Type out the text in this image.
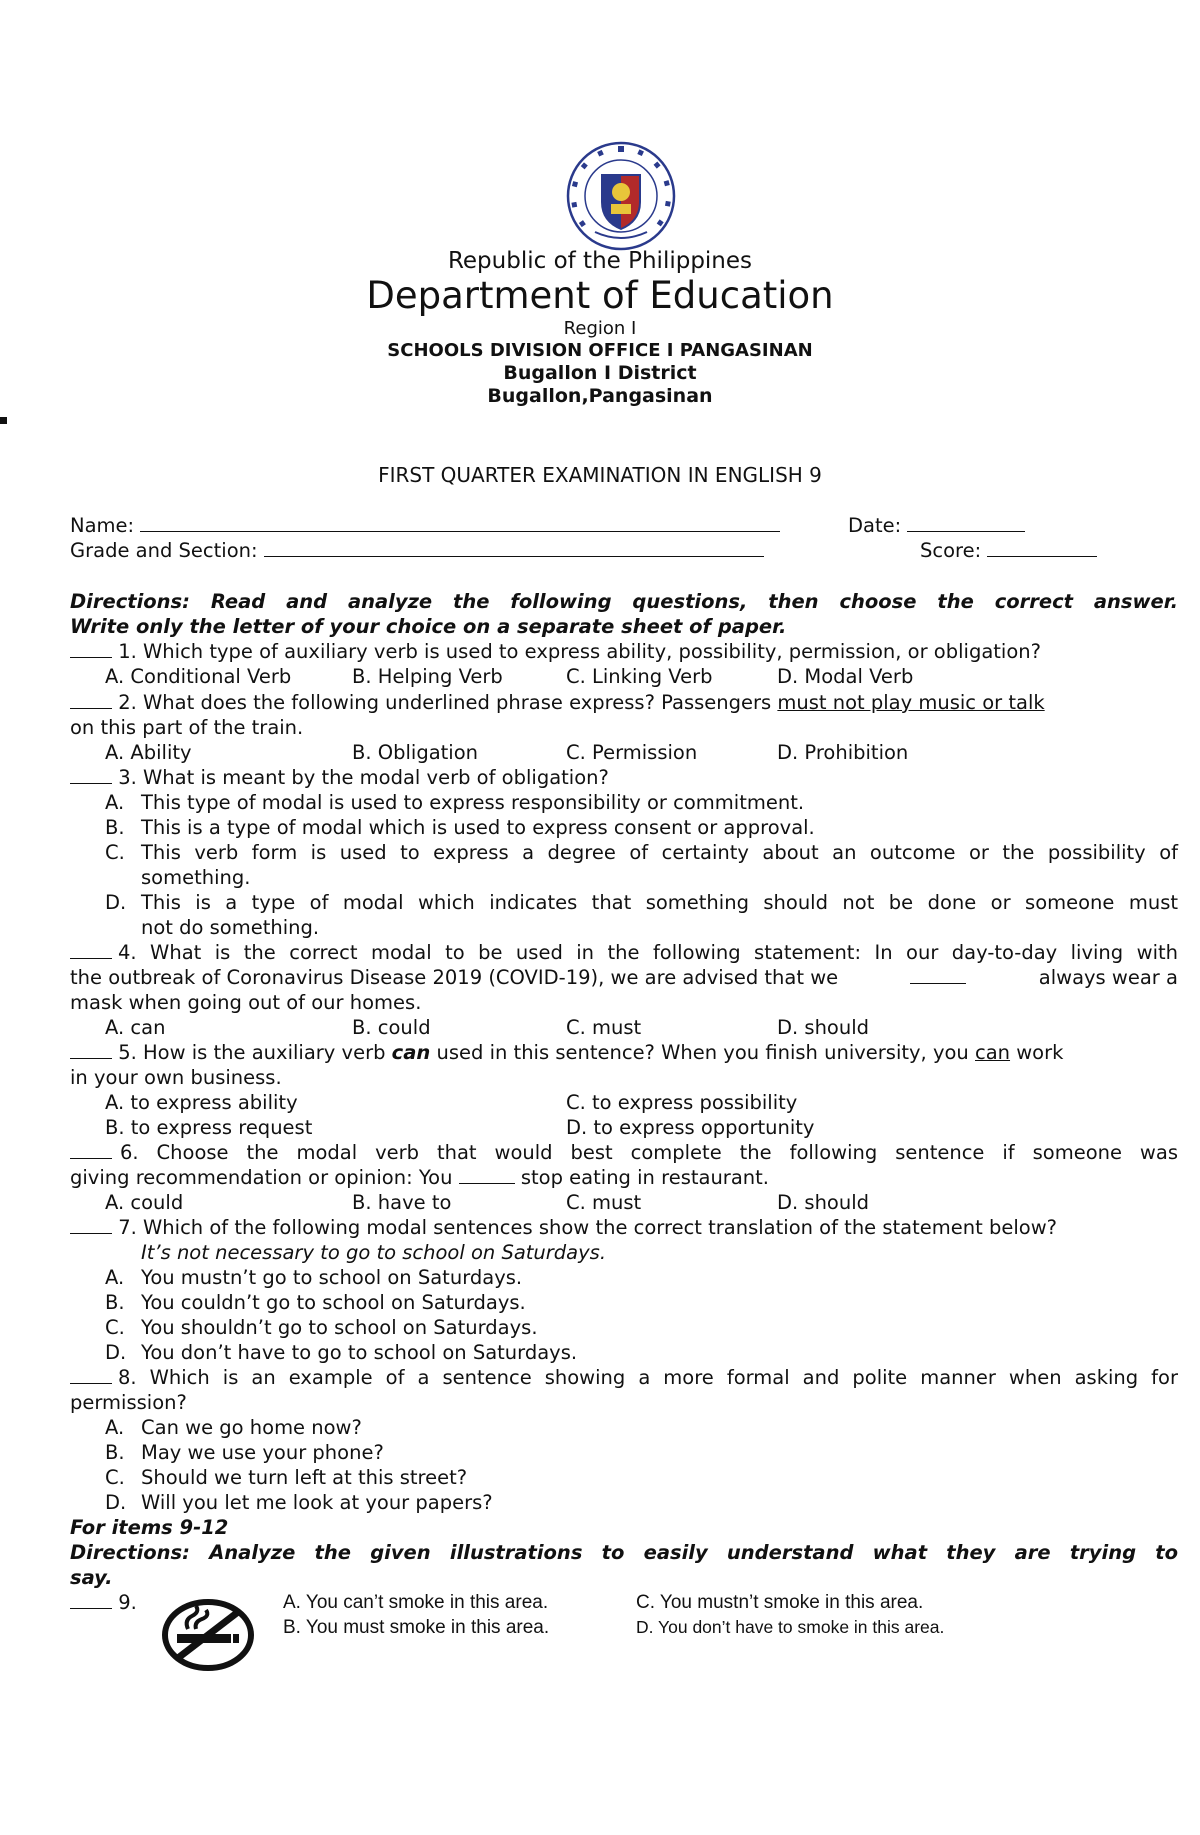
Republic of the Philippines
Department of Education
Region I
SCHOOLS DIVISION OFFICE I PANGASINAN
Bugallon I District
Bugallon,Pangasinan
FIRST QUARTER EXAMINATION IN ENGLISH 9
Name:	Date:
Grade and Section:	Score:
Directions: Read and analyze the following questions, then choose the correct answer.
Write only the letter of your choice on a separate sheet of paper.
1. Which type of auxiliary verb is used to express ability, possibility, permission, or obligation?
A. Conditional Verb	B. Helping Verb	C. Linking Verb	D. Modal Verb
2. What does the following underlined phrase express? Passengers must not play music or talk
on this part of the train.
A. Ability	B. Obligation	C. Permission	D. Prohibition
3. What is meant by the modal verb of obligation?
A. This type of modal is used to express responsibility or commitment.
B. This is a type of modal which is used to express consent or approval.
C. This verb form is used to express a degree of certainty about an outcome or the possibility of
something.
D. This is a type of modal which indicates that something should not be done or someone must
not do something.
4. What is the correct modal to be used in the following statement: In our day-to-day living with
the outbreak of Coronavirus Disease 2019 (COVID-19), we are advised that we	always wear a
mask when going out of our homes.
A. can	B. could	C. must	D. should
5. How is the auxiliary verb can used in this sentence? When you finish university, you can work
in your own business.
A. to express ability	C. to express possibility
B. to express request	D. to express opportunity
6. Choose the modal verb that would best complete the following sentence if someone was
giving recommendation or opinion: You	stop eating in restaurant.
A. could	B. have to	C. must	D. should
7. Which of the following modal sentences show the correct translation of the statement below?
It’s not necessary to go to school on Saturdays.
A. You mustn’t go to school on Saturdays.
B. You couldn’t go to school on Saturdays.
C. You shouldn’t go to school on Saturdays.
D. You don’t have to go to school on Saturdays.
8. Which is an example of a sentence showing a more formal and polite manner when asking for
permission?
A. Can we go home now?
B. May we use your phone?
C. Should we turn left at this street?
D. Will you let me look at your papers?
For items 9-12
Directions: Analyze the given illustrations to easily understand what they are trying to
say.
9.	A. You can’t smoke in this area.
B. You must smoke in this area.
C. You mustn’t smoke in this area.
D. You don’t have to smoke in this area.
